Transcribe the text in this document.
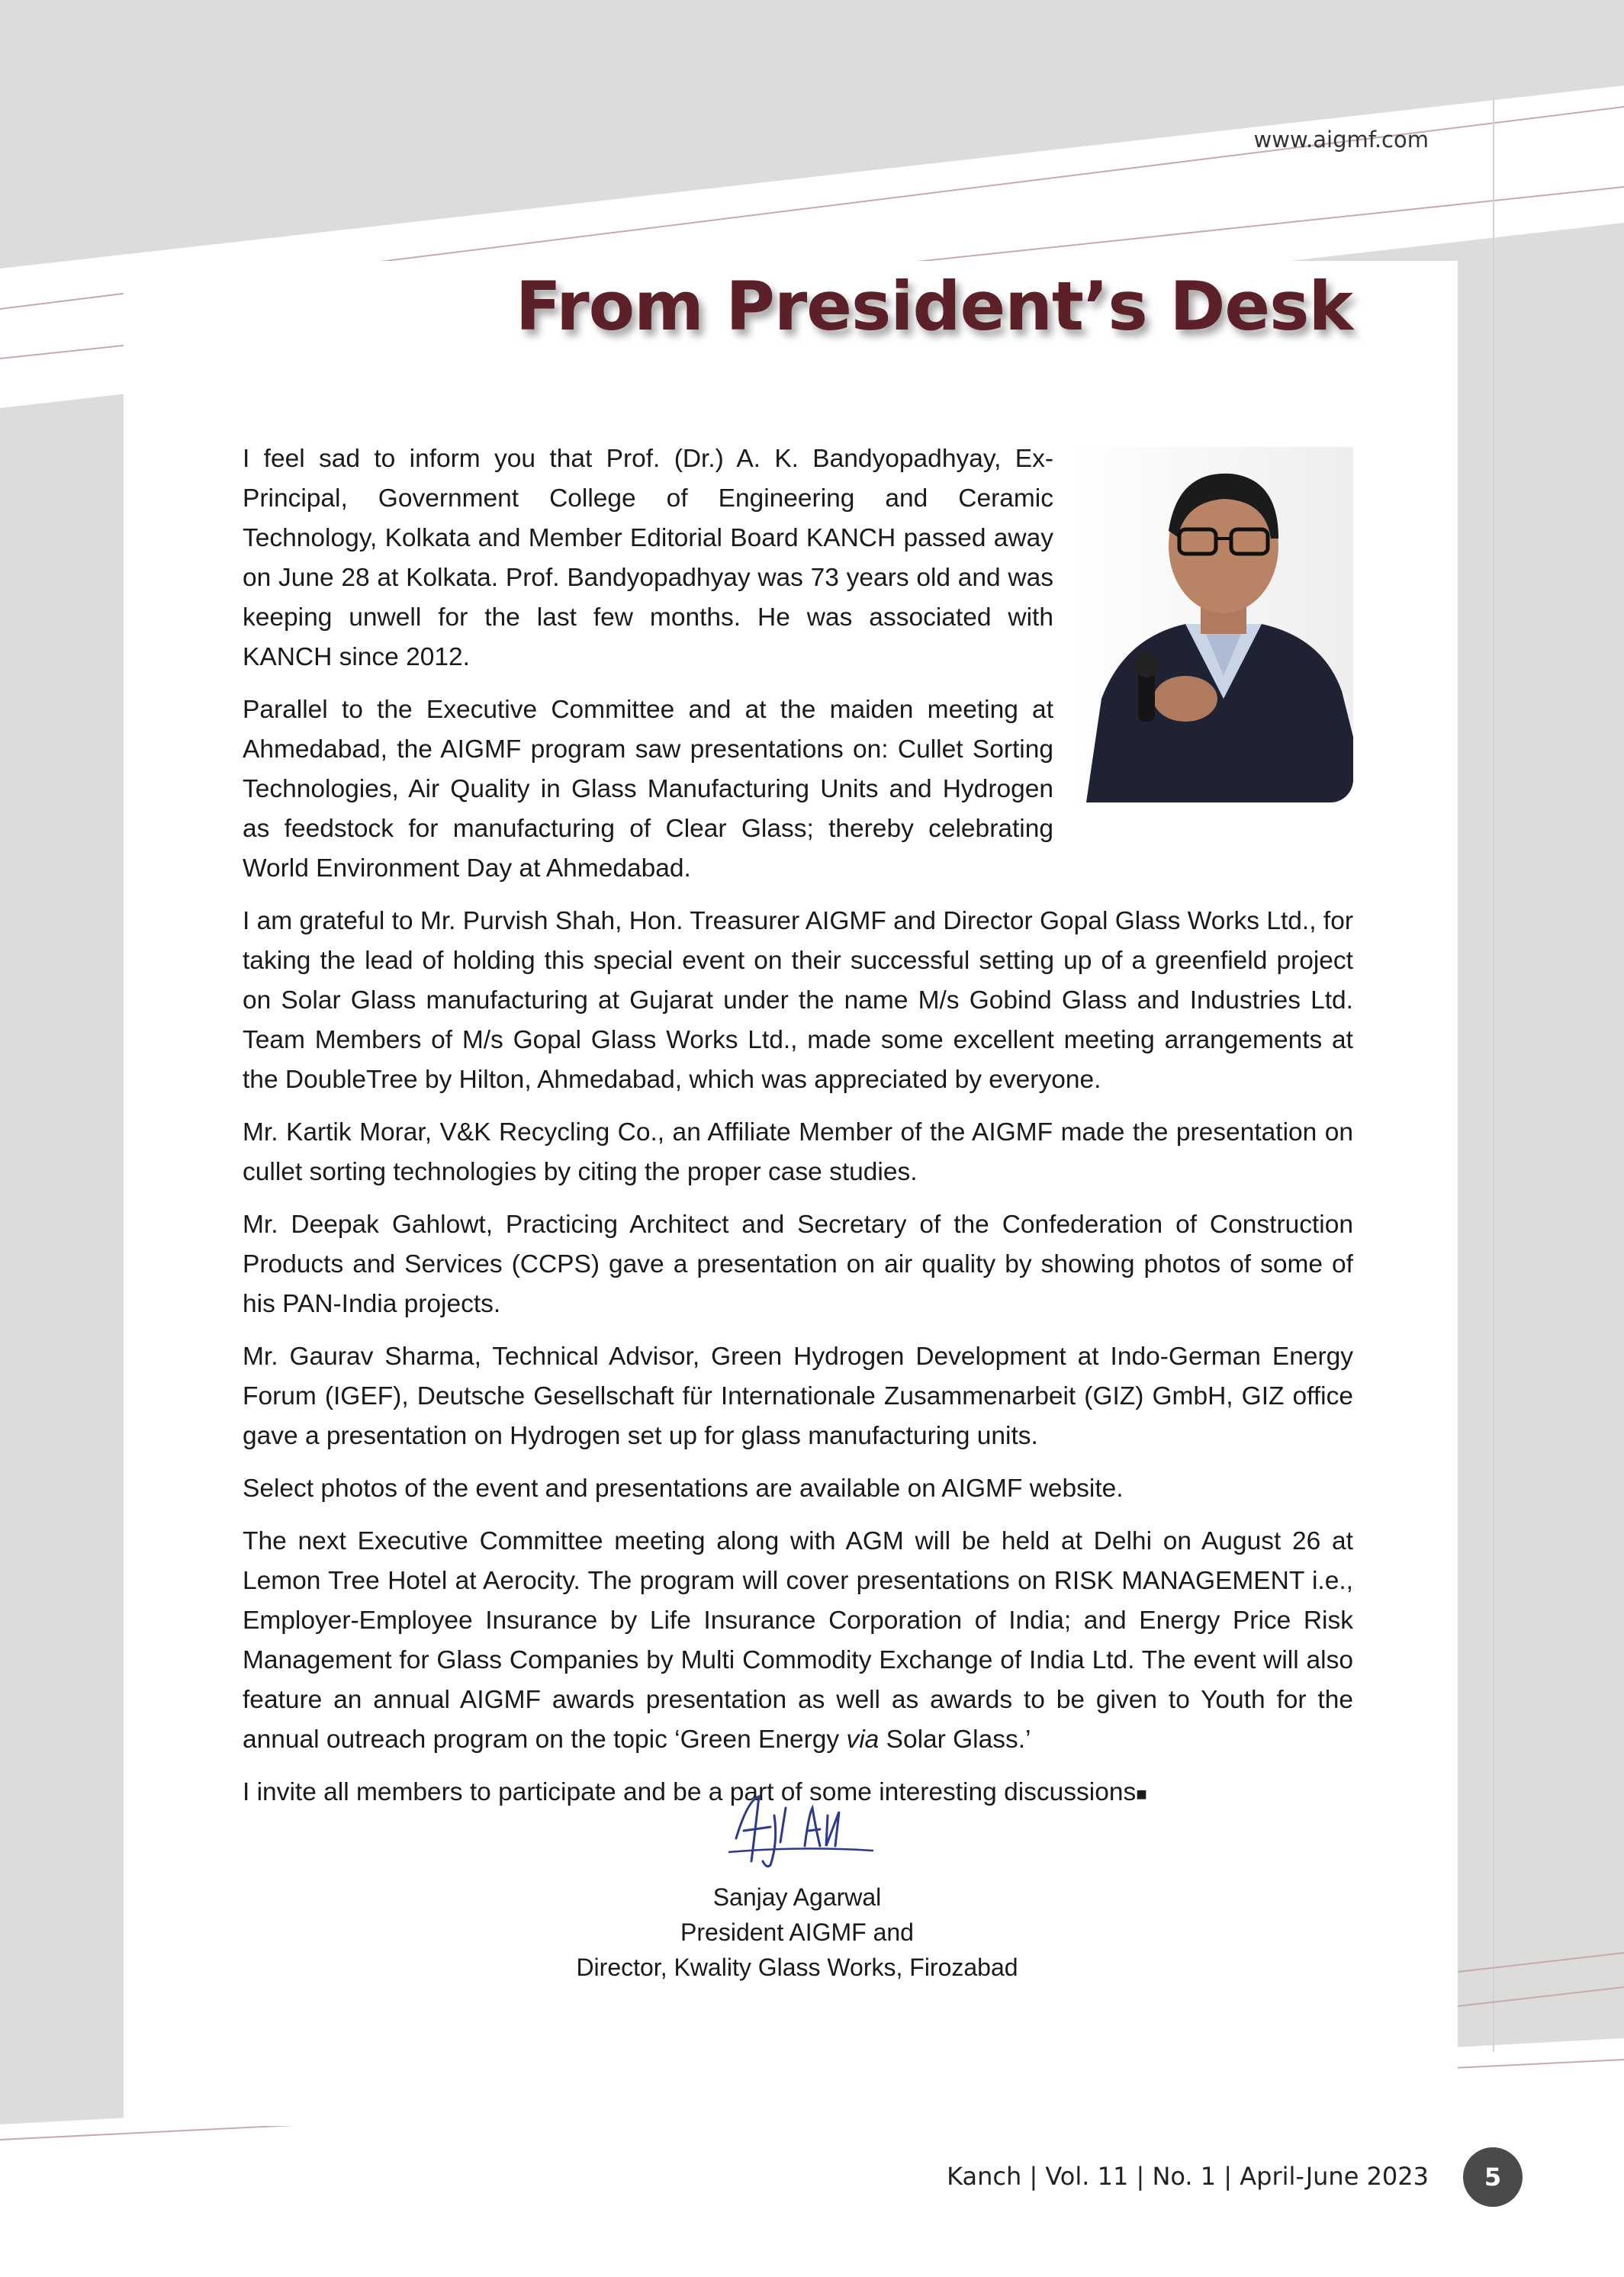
www.aigmf.com
From President’s Desk

I feel sad to inform you that Prof. (Dr.) A. K. Bandyopadhyay, Ex-Principal, Government College of Engineering and Ceramic Technology, Kolkata and Member Editorial Board KANCH passed away on June 28 at Kolkata. Prof. Bandyopadhyay was 73 years old and was keeping unwell for the last few months. He was associated with KANCH since 2012.

Parallel to the Executive Committee and at the maiden meeting at Ahmedabad, the AIGMF program saw presentations on: Cullet Sorting Technologies, Air Quality in Glass Manufacturing Units and Hydrogen as feedstock for manufacturing of Clear Glass; thereby celebrating World Environment Day at Ahmedabad.

I am grateful to Mr. Purvish Shah, Hon. Treasurer AIGMF and Director Gopal Glass Works Ltd., for taking the lead of holding this special event on their successful setting up of a greenfield project on Solar Glass manufacturing at Gujarat under the name M/s Gobind Glass and Industries Ltd. Team Members of M/s Gopal Glass Works Ltd., made some excellent meeting arrangements at the DoubleTree by Hilton, Ahmedabad, which was appreciated by everyone.

Mr. Kartik Morar, V&K Recycling Co., an Affiliate Member of the AIGMF made the presentation on cullet sorting technologies by citing the proper case studies.

Mr. Deepak Gahlowt, Practicing Architect and Secretary of the Confederation of Construction Products and Services (CCPS) gave a presentation on air quality by showing photos of some of his PAN-India projects.

Mr. Gaurav Sharma, Technical Advisor, Green Hydrogen Development at Indo-German Energy Forum (IGEF), Deutsche Gesellschaft für Internationale Zusammenarbeit (GIZ) GmbH, GIZ office gave a presentation on Hydrogen set up for glass manufacturing units.

Select photos of the event and presentations are available on AIGMF website.

The next Executive Committee meeting along with AGM will be held at Delhi on August 26 at Lemon Tree Hotel at Aerocity. The program will cover presentations on RISK MANAGEMENT i.e., Employer-Employee Insurance by Life Insurance Corporation of India; and Energy Price Risk Management for Glass Companies by Multi Commodity Exchange of India Ltd. The event will also feature an annual AIGMF awards presentation as well as awards to be given to Youth for the annual outreach program on the topic ‘Green Energy via Solar Glass.’

I invite all members to participate and be a part of some interesting discussions■

Sanjay Agarwal
President AIGMF and
Director, Kwality Glass Works, Firozabad
Kanch | Vol. 11 | No. 1 | April-June 2023	5
